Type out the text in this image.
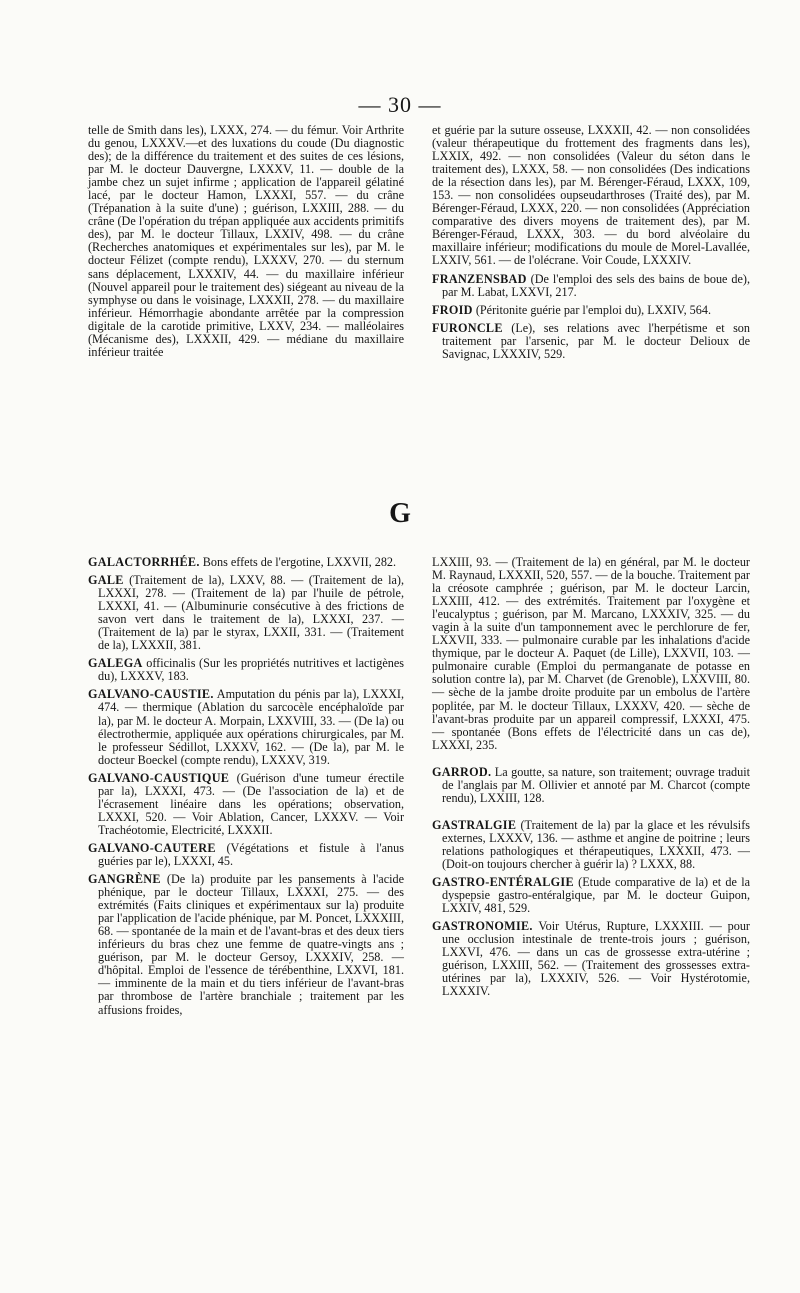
— 30 —

telle de Smith dans les), LXXX, 274. — du fémur. Voir Arthrite du genou, LXXXV.—et des luxations du coude (Du diagnostic des); de la différence du traitement et des suites de ces lésions, par M. le docteur Dauvergne, LXXXV, 11. — double de la jambe chez un sujet infirme ; application de l'appareil gélatiné lacé, par le docteur Hamon, LXXXI, 557. — du crâne (Trépanation à la suite d'une) ; guérison, LXXIII, 288. — du crâne (De l'opération du trépan appliquée aux accidents primitifs des), par M. le docteur Tillaux, LXXIV, 498. — du crâne (Recherches anatomiques et expérimentales sur les), par M. le docteur Félizet (compte rendu), LXXXV, 270. — du sternum sans déplacement, LXXXIV, 44. — du maxillaire inférieur (Nouvel appareil pour le traitement des) siégeant au niveau de la symphyse ou dans le voisinage, LXXXII, 278. — du maxillaire inférieur. Hémorrhagie abondante arrêtée par la compression digitale de la carotide primitive, LXXV, 234. — malléolaires (Mécanisme des), LXXXII, 429. — médiane du maxillaire inférieur traitée

et guérie par la suture osseuse, LXXXII, 42. — non consolidées (valeur thérapeutique du frottement des fragments dans les), LXXIX, 492. — non consolidées (Valeur du séton dans le traitement des), LXXX, 58. — non consolidées (Des indications de la résection dans les), par M. Bérenger-Féraud, LXXX, 109, 153. — non consolidées oupseudarthroses (Traité des), par M. Bérenger-Féraud, LXXX, 220. — non consolidées (Appréciation comparative des divers moyens de traitement des), par M. Bérenger-Féraud, LXXX, 303. — du bord alvéolaire du maxillaire inférieur; modifications du moule de Morel-Lavallée, LXXIV, 561. — de l'olécrane. Voir Coude, LXXXIV.

FRANZENSBAD (De l'emploi des sels des bains de boue de), par M. Labat, LXXVI, 217.

FROID (Péritonite guérie par l'emploi du), LXXIV, 564.

FURONCLE (Le), ses relations avec l'herpétisme et son traitement par l'arsenic, par M. le docteur Delioux de Savignac, LXXXIV, 529.

G

GALACTORRHÉE. Bons effets de l'ergotine, LXXVII, 282.

GALE (Traitement de la), LXXV, 88. — (Traitement de la), LXXXI, 278. — (Traitement de la) par l'huile de pétrole, LXXXI, 41. — (Albuminurie consécutive à des frictions de savon vert dans le traitement de la), LXXXI, 237. — (Traitement de la) par le styrax, LXXII, 331. — (Traitement de la), LXXXII, 381.

GALEGA officinalis (Sur les propriétés nutritives et lactigènes du), LXXXV, 183.

GALVANO-CAUSTIE. Amputation du pénis par la), LXXXI, 474. — thermique (Ablation du sarcocèle encéphaloïde par la), par M. le docteur A. Morpain, LXXVIII, 33. — (De la) ou électrothermie, appliquée aux opérations chirurgicales, par M. le professeur Sédillot, LXXXV, 162. — (De la), par M. le docteur Boeckel (compte rendu), LXXXV, 319.

GALVANO-CAUSTIQUE (Guérison d'une tumeur érectile par la), LXXXI, 473. — (De l'association de la) et de l'écrasement linéaire dans les opérations; observation, LXXXI, 520. — Voir Ablation, Cancer, LXXXV. — Voir Trachéotomie, Electricité, LXXXII.

GALVANO-CAUTERE (Végétations et fistule à l'anus guéries par le), LXXXI, 45.

GANGRÈNE (De la) produite par les pansements à l'acide phénique, par le docteur Tillaux, LXXXI, 275. — des extrémités (Faits cliniques et expérimentaux sur la) produite par l'application de l'acide phénique, par M. Poncet, LXXXIII, 68. — spontanée de la main et de l'avant-bras et des deux tiers inférieurs du bras chez une femme de quatre-vingts ans ; guérison, par M. le docteur Gersoy, LXXXIV, 258. — d'hôpital. Emploi de l'essence de térébenthine, LXXVI, 181. — imminente de la main et du tiers inférieur de l'avant-bras par thrombose de l'artère branchiale ; traitement par les affusions froides,

LXXIII, 93. — (Traitement de la) en général, par M. le docteur M. Raynaud, LXXXII, 520, 557. — de la bouche. Traitement par la créosote camphrée ; guérison, par M. le docteur Larcin, LXXIII, 412. — des extrémités. Traitement par l'oxygène et l'eucalyptus ; guérison, par M. Marcano, LXXXIV, 325. — du vagin à la suite d'un tamponnement avec le perchlorure de fer, LXXVII, 333. — pulmonaire curable par les inhalations d'acide thymique, par le docteur A. Paquet (de Lille), LXXVII, 103. — pulmonaire curable (Emploi du permanganate de potasse en solution contre la), par M. Charvet (de Grenoble), LXXVIII, 80. — sèche de la jambe droite produite par un embolus de l'artère poplitée, par M. le docteur Tillaux, LXXXV, 420. — sèche de l'avant-bras produite par un appareil compressif, LXXXI, 475. — spontanée (Bons effets de l'électricité dans un cas de), LXXXI, 235.

GARROD. La goutte, sa nature, son traitement; ouvrage traduit de l'anglais par M. Ollivier et annoté par M. Charcot (compte rendu), LXXIII, 128.

GASTRALGIE (Traitement de la) par la glace et les révulsifs externes, LXXXV, 136. — asthme et angine de poitrine ; leurs relations pathologiques et thérapeutiques, LXXXII, 473. — (Doit-on toujours chercher à guérir la) ? LXXX, 88.

GASTRO-ENTÉRALGIE (Etude comparative de la) et de la dyspepsie gastro-entéralgique, par M. le docteur Guipon, LXXIV, 481, 529.

GASTRONOMIE. Voir Utérus, Rupture, LXXXIII. — pour une occlusion intestinale de trente-trois jours ; guérison, LXXVI, 476. — dans un cas de grossesse extra-utérine ; guérison, LXXIII, 562. — (Traitement des grossesses extra-utérines par la), LXXXIV, 526. — Voir Hystérotomie, LXXXIV.
